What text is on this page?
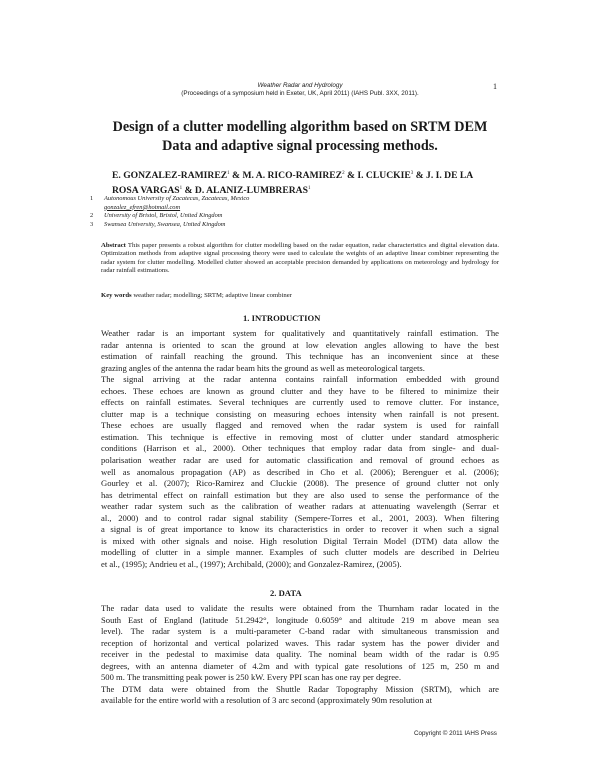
Weather Radar and Hydrology
(Proceedings of a symposium held in Exeter, UK, April 2011) (IAHS Publ. 3XX, 2011).
1
Design of a clutter modelling algorithm based on SRTM DEM
Data and adaptive signal processing methods.
E. GONZALEZ-RAMIREZ$^1$ & M. A. RICO-RAMIREZ$^2$ & I. CLUCKIE$^3$ & J. I. DE LA ROSA VARGAS$^1$ & D. ALANIZ-LUMBRERAS$^1$
1 Autonomous University of Zacatecas, Zacatecas, Mexico
gonzalez_efren@hotmail.com
2 University of Bristol, Bristol, United Kingdom
3 Swansea University, Swansea, United Kingdom
Abstract This paper presents a robust algorithm for clutter modelling based on the radar equation, radar characteristics and digital elevation data. Optimization methods from adaptive signal processing theory were used to calculate the weights of an adaptive linear combiner representing the radar system for clutter modelling. Modelled clutter showed an acceptable precision demanded by applications on meteorology and hydrology for radar rainfall estimations.
Key words weather radar; modelling; SRTM; adaptive linear combiner
1. INTRODUCTION
Weather radar is an important system for qualitatively and quantitatively rainfall estimation. The
radar antenna is oriented to scan the ground at low elevation angles allowing to have the best
estimation of rainfall reaching the ground. This technique has an inconvenient since at these
grazing angles of the antenna the radar beam hits the ground as well as meteorological targets.
The signal arriving at the radar antenna contains rainfall information embedded with ground
echoes. These echoes are known as ground clutter and they have to be filtered to minimize their
effects on rainfall estimates. Several techniques are currently used to remove clutter. For instance,
clutter map is a technique consisting on measuring echoes intensity when rainfall is not present.
These echoes are usually flagged and removed when the radar system is used for rainfall
estimation. This technique is effective in removing most of clutter under standard atmospheric
conditions (Harrison et al., 2000). Other techniques that employ radar data from single- and dual-
polarisation weather radar are used for automatic classification and removal of ground echoes as
well as anomalous propagation (AP) as described in Cho et al. (2006); Berenguer et al. (2006);
Gourley et al. (2007); Rico-Ramirez and Cluckie (2008). The presence of ground clutter not only
has detrimental effect on rainfall estimation but they are also used to sense the performance of the
weather radar system such as the calibration of weather radars at attenuating wavelength (Serrar et
al., 2000) and to control radar signal stability (Sempere-Torres et al., 2001, 2003). When filtering
a signal is of great importance to know its characteristics in order to recover it when such a signal
is mixed with other signals and noise. High resolution Digital Terrain Model (DTM) data allow the
modelling of clutter in a simple manner. Examples of such clutter models are described in Delrieu
et al., (1995); Andrieu et al., (1997); Archibald, (2000); and Gonzalez-Ramirez, (2005).
2. DATA
The radar data used to validate the results were obtained from the Thurnham radar located in the
South East of England (latitude 51.2942°, longitude 0.6059° and altitude 219 m above mean sea
level). The radar system is a multi-parameter C-band radar with simultaneous transmission and
reception of horizontal and vertical polarized waves. This radar system has the power divider and
receiver in the pedestal to maximise data quality. The nominal beam width of the radar is 0.95
degrees, with an antenna diameter of 4.2m and with typical gate resolutions of 125 m, 250 m and
500 m. The transmitting peak power is 250 kW. Every PPI scan has one ray per degree.
The DTM data were obtained from the Shuttle Radar Topography Mission (SRTM), which are
available for the entire world with a resolution of 3 arc second (approximately 90m resolution at
Copyright © 2011 IAHS Press
